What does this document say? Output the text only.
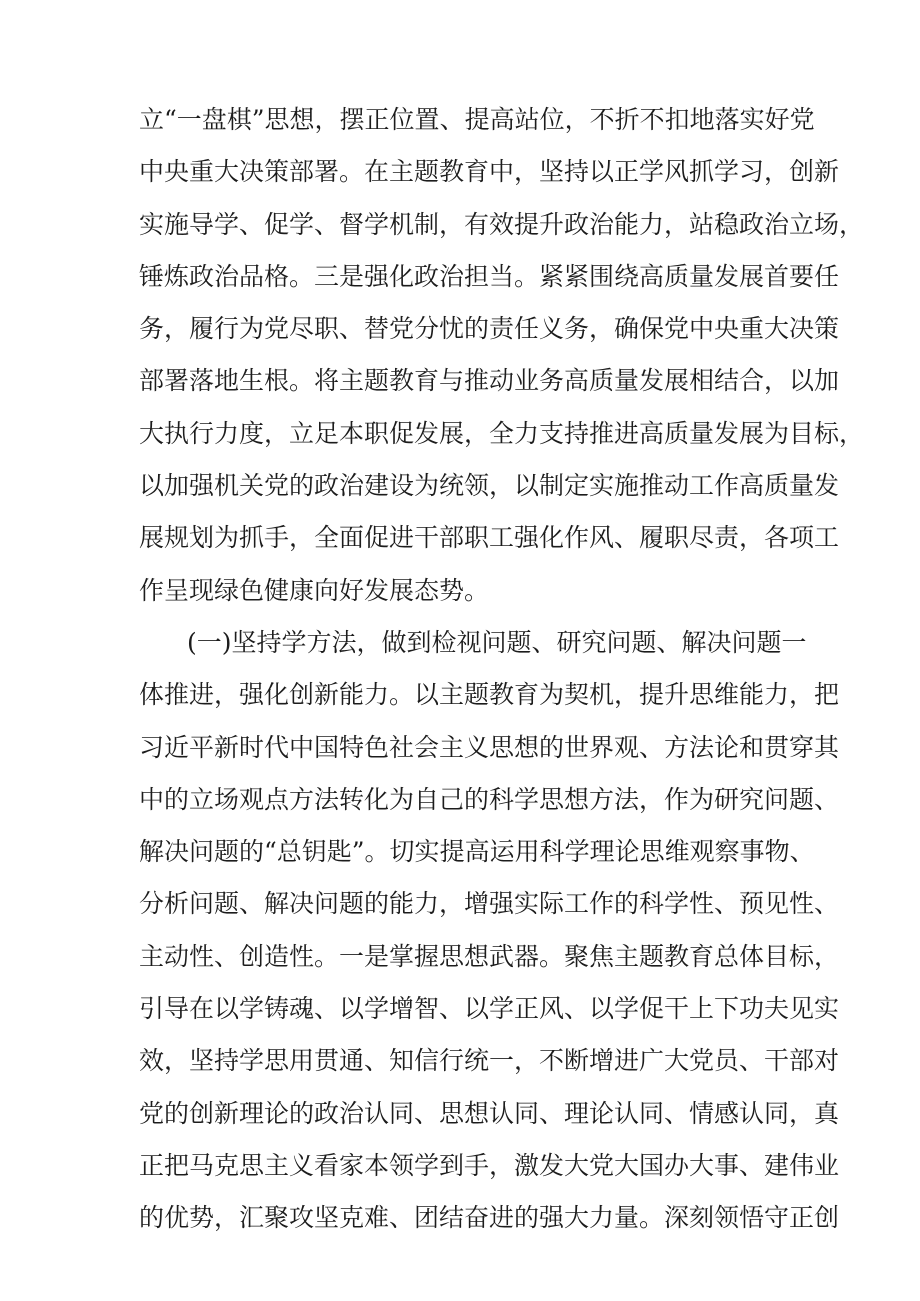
立“一盘棋”思想，摆正位置、提高站位，不折不扣地落实好党
中央重大决策部署。在主题教育中，坚持以正学风抓学习，创新
实施导学、促学、督学机制，有效提升政治能力，站稳政治立场，
锤炼政治品格。三是强化政治担当。紧紧围绕高质量发展首要任
务，履行为党尽职、替党分忧的责任义务，确保党中央重大决策
部署落地生根。将主题教育与推动业务高质量发展相结合，以加
大执行力度，立足本职促发展，全力支持推进高质量发展为目标，
以加强机关党的政治建设为统领，以制定实施推动工作高质量发
展规划为抓手，全面促进干部职工强化作风、履职尽责，各项工
作呈现绿色健康向好发展态势。
(一)坚持学方法，做到检视问题、研究问题、解决问题一
体推进，强化创新能力。以主题教育为契机，提升思维能力，把
习近平新时代中国特色社会主义思想的世界观、方法论和贯穿其
中的立场观点方法转化为自己的科学思想方法，作为研究问题、
解决问题的“总钥匙”。切实提高运用科学理论思维观察事物、
分析问题、解决问题的能力，增强实际工作的科学性、预见性、
主动性、创造性。一是掌握思想武器。聚焦主题教育总体目标，
引导在以学铸魂、以学增智、以学正风、以学促干上下功夫见实
效，坚持学思用贯通、知信行统一，不断增进广大党员、干部对
党的创新理论的政治认同、思想认同、理论认同、情感认同，真
正把马克思主义看家本领学到手，激发大党大国办大事、建伟业
的优势，汇聚攻坚克难、团结奋进的强大力量。深刻领悟守正创
